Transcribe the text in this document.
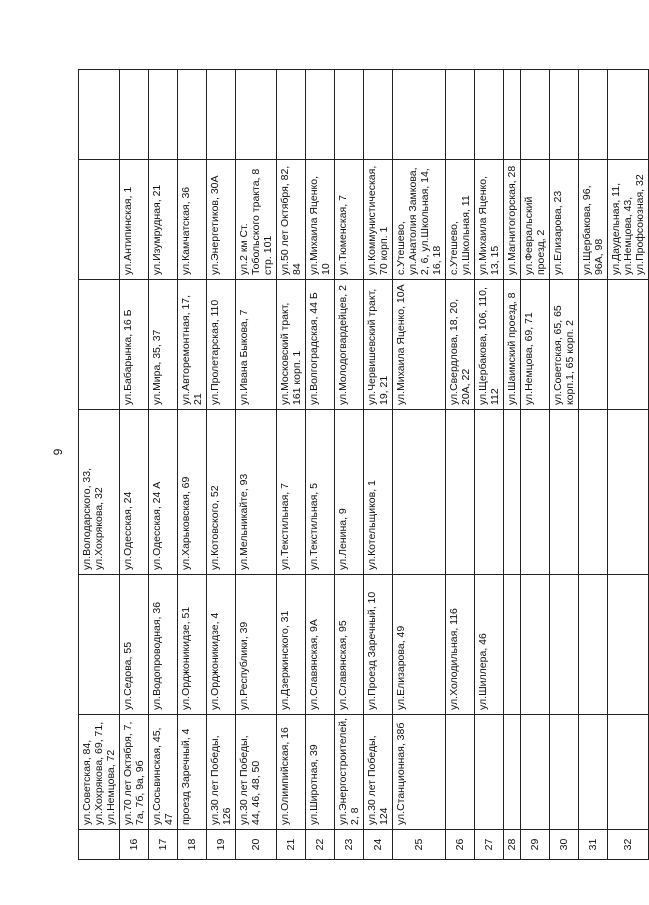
6
	ул.Советская, 84,
ул.Хохрякова, 69, 71,
ул.Немцова, 72		ул.Володарского, 33,
ул.Хохрякова, 32			
16	ул.70 лет Октября, 7, 7а, 7б, 9а, 9б	ул.Седова, 55	ул.Одесская, 24	ул.Бабарынка, 16 Б	ул.Антипинская, 1	
17	ул.Сосьвинская, 45, 47	ул.Водопроводная, 36	ул.Одесская, 24 А	ул.Мира, 35, 37	ул.Изумрудная, 21	
18	проезд Заречный, 4	ул.Орджоникидзе, 51	ул.Харьковская, 69	ул.Авторемонтная, 17, 21	ул.Камчатская, 36	
19	ул.30 лет Победы, 126	ул.Орджоникидзе, 4	ул.Котовского, 52	ул.Пролетарская, 110	ул.Энергетиков, 30А	
20	ул.30 лет Победы, 44, 46, 48, 50	ул.Республики, 39	ул.Мельникайте, 93	ул.Ивана Быкова, 7	ул.2 км Ст. Тобольского тракта, 8 стр. 101	
21	ул.Олимпийская, 16	ул.Дзержинского, 31	ул.Текстильная, 7	ул.Московский тракт, 161 корп. 1	ул.50 лет Октября, 82, 84	
22	ул.Широтная, 39	ул.Славянская, 9А	ул.Текстильная, 5	ул.Волгоградская, 44 Б	ул.Михаила Яценко, 10	
23	ул.Энергостроителей, 2, 8	ул.Славянская, 95	ул.Ленина, 9	ул.Молодогвардейцев, 2	ул.Тюменская, 7	
24	ул.30 лет Победы, 124	ул.Проезд Заречный, 10	ул.Котельщиков, 1	ул.Червишевский тракт, 19, 21	ул.Коммунистическая, 70 корп. 1	
25	ул.Станционная, 38б	ул.Елизарова, 49		ул.Михаила Яценко, 10А	с.Утешево, ул.Анатолия Замкова, 2, 6, ул.Школьная, 14, 16, 18	
26		ул.Холодильная, 116		ул.Свердлова, 18, 20, 20А, 22	с.Утешево, ул.Школьная, 11	
27		ул.Шиллера, 46		ул.Щербакова, 106, 110, 112	ул.Михаила Яценко, 13, 15	
28				ул.Шаимский проезд, 8	ул.Магнитогорская, 28	
29				ул.Немцова, 69, 71	ул.Февральский проезд, 2	
30				ул.Советская, 65, 65 корп.1, 65 корп. 2	ул.Елизарова, 23	
31					ул.Щербакова, 96, 96А, 98	
32					ул.Даудельная, 11, ул.Немцова, 43, ул.Профсоюзная, 32	
